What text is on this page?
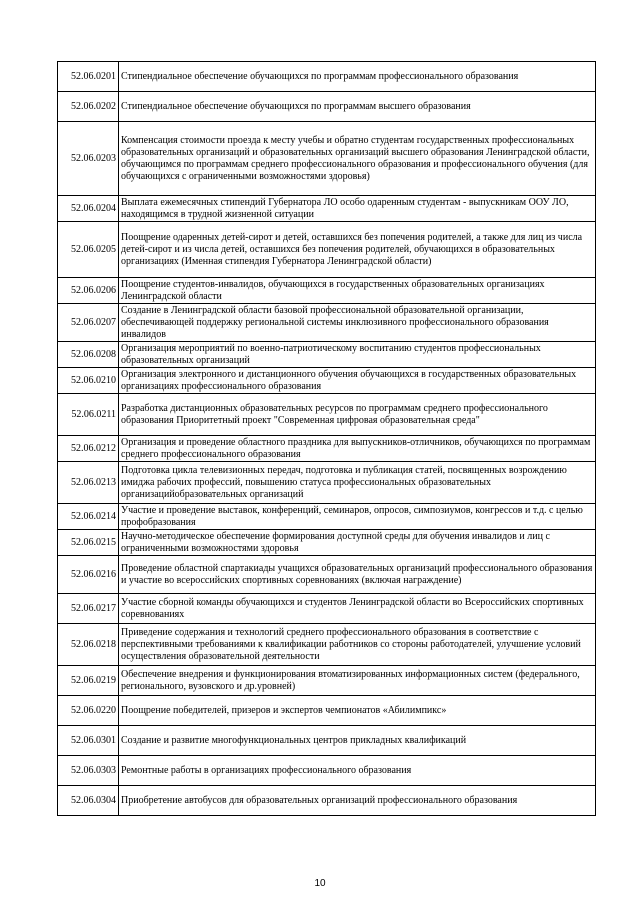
52.06.0201	Стипендиальное обеспечение обучающихся по программам профессионального образования
52.06.0202	Стипендиальное обеспечение обучающихся по программам высшего образования
52.06.0203	Компенсация стоимости проезда к месту учебы и обратно студентам государственных профессиональных образовательных организаций и образовательных организаций высшего образования Ленинградской области, обучающимся по программам среднего профессионального образования и профессионального обучения (для обучающихся с ограниченными возможностями здоровья)
52.06.0204	Выплата ежемесячных стипендий Губернатора ЛО особо одаренным студентам - выпускникам ООУ ЛО, находящимся в трудной жизненной ситуации
52.06.0205	Поощрение одаренных детей-сирот и детей, оставшихся без попечения родителей, а также для лиц из числа детей-сирот и из числа детей, оставшихся без попечения родителей, обучающихся в образовательных организациях (Именная стипендия Губернатора Ленинградской области)
52.06.0206	Поощрение студентов-инвалидов, обучающихся в государственных образовательных организациях Ленинградской области
52.06.0207	Создание в Ленинградской области базовой профессиональной образовательной организации, обеспечивающей поддержку региональной системы инклюзивного профессионального образования инвалидов
52.06.0208	Организация мероприятий по военно-патриотическому воспитанию студентов профессиональных образовательных организаций
52.06.0210	Организация электронного и дистанционного обучения обучающихся в государственных образовательных организациях профессионального образования
52.06.0211	Разработка дистанционных образовательных ресурсов по программам среднего профессионального образования Приоритетный проект "Современная цифровая образовательная среда"
52.06.0212	Организация и проведение областного праздника для выпускников-отличников, обучающихся по программам среднего профессионального образования
52.06.0213	Подготовка цикла телевизионных передач, подготовка и публикация статей, посвященных возрождению имиджа рабочих профессий, повышению статуса профессиональных образовательных организацийобразовательных организаций
52.06.0214	Участие и проведение выставок, конференций, семинаров, опросов, симпозиумов, конгрессов и т.д. с целью профобразования
52.06.0215	Научно-методическое обеспечение формирования доступной среды для обучения инвалидов и лиц с ограниченными возможностями здоровья
52.06.0216	Проведение областной спартакиады учащихся образовательных организаций профессионального образования и участие во всероссийских спортивных соревнованиях (включая награждение)
52.06.0217	Участие сборной команды обучающихся и студентов Ленинградской области во Всероссийских спортивных соревнованиях
52.06.0218	Приведение содержания и технологий среднего профессионального образования в соответствие с перспективными требованиями к квалификации работников со стороны работодателей, улучшение условий осуществления образовательной деятельности
52.06.0219	Обеспечение внедрения и функционирования втоматизированных информационных систем (федерального, регионального, вузовского и др.уровней)
52.06.0220	Поощрение победителей, призеров и экспертов чемпионатов «Абилимпикс»
52.06.0301	Создание и развитие многофункциональных центров прикладных квалификаций
52.06.0303	Ремонтные работы в организациях профессионального образования
52.06.0304	Приобретение автобусов для образовательных организаций профессионального образования
10
